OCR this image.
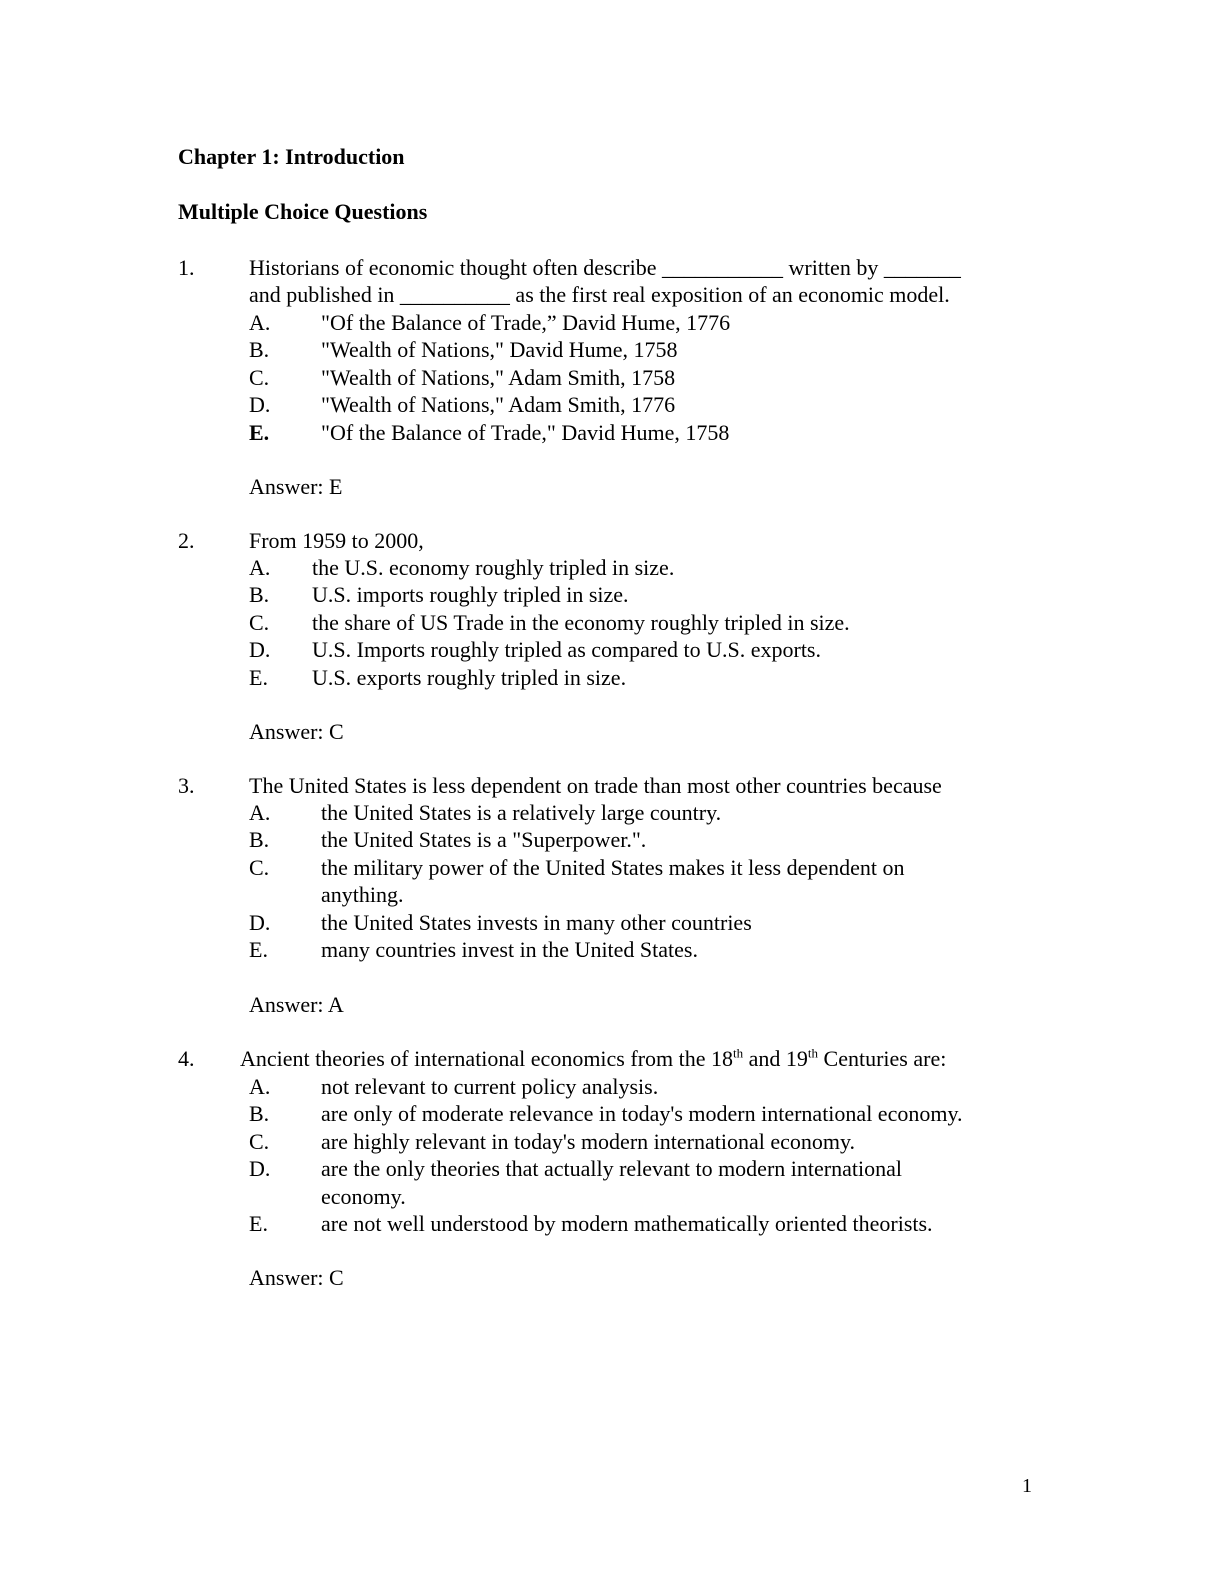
Chapter 1: Introduction
Multiple Choice Questions
1. Historians of economic thought often describe ___________ written by _______
and published in __________ as the first real exposition of an economic model.
A. "Of the Balance of Trade,” David Hume, 1776
B. "Wealth of Nations," David Hume, 1758
C. "Wealth of Nations," Adam Smith, 1758
D. "Wealth of Nations," Adam Smith, 1776
E. "Of the Balance of Trade," David Hume, 1758
Answer: E
2. From 1959 to 2000,
A. the U.S. economy roughly tripled in size.
B. U.S. imports roughly tripled in size.
C. the share of US Trade in the economy roughly tripled in size.
D. U.S. Imports roughly tripled as compared to U.S. exports.
E. U.S. exports roughly tripled in size.
Answer: C
3. The United States is less dependent on trade than most other countries because
A. the United States is a relatively large country.
B. the United States is a "Superpower.".
C. the military power of the United States makes it less dependent on anything.
D. the United States invests in many other countries
E. many countries invest in the United States.
Answer: A
4. Ancient theories of international economics from the 18th and 19th Centuries are:
A. not relevant to current policy analysis.
B. are only of moderate relevance in today's modern international economy.
C. are highly relevant in today's modern international economy.
D. are the only theories that actually relevant to modern international economy.
E. are not well understood by modern mathematically oriented theorists.
Answer: C
1
